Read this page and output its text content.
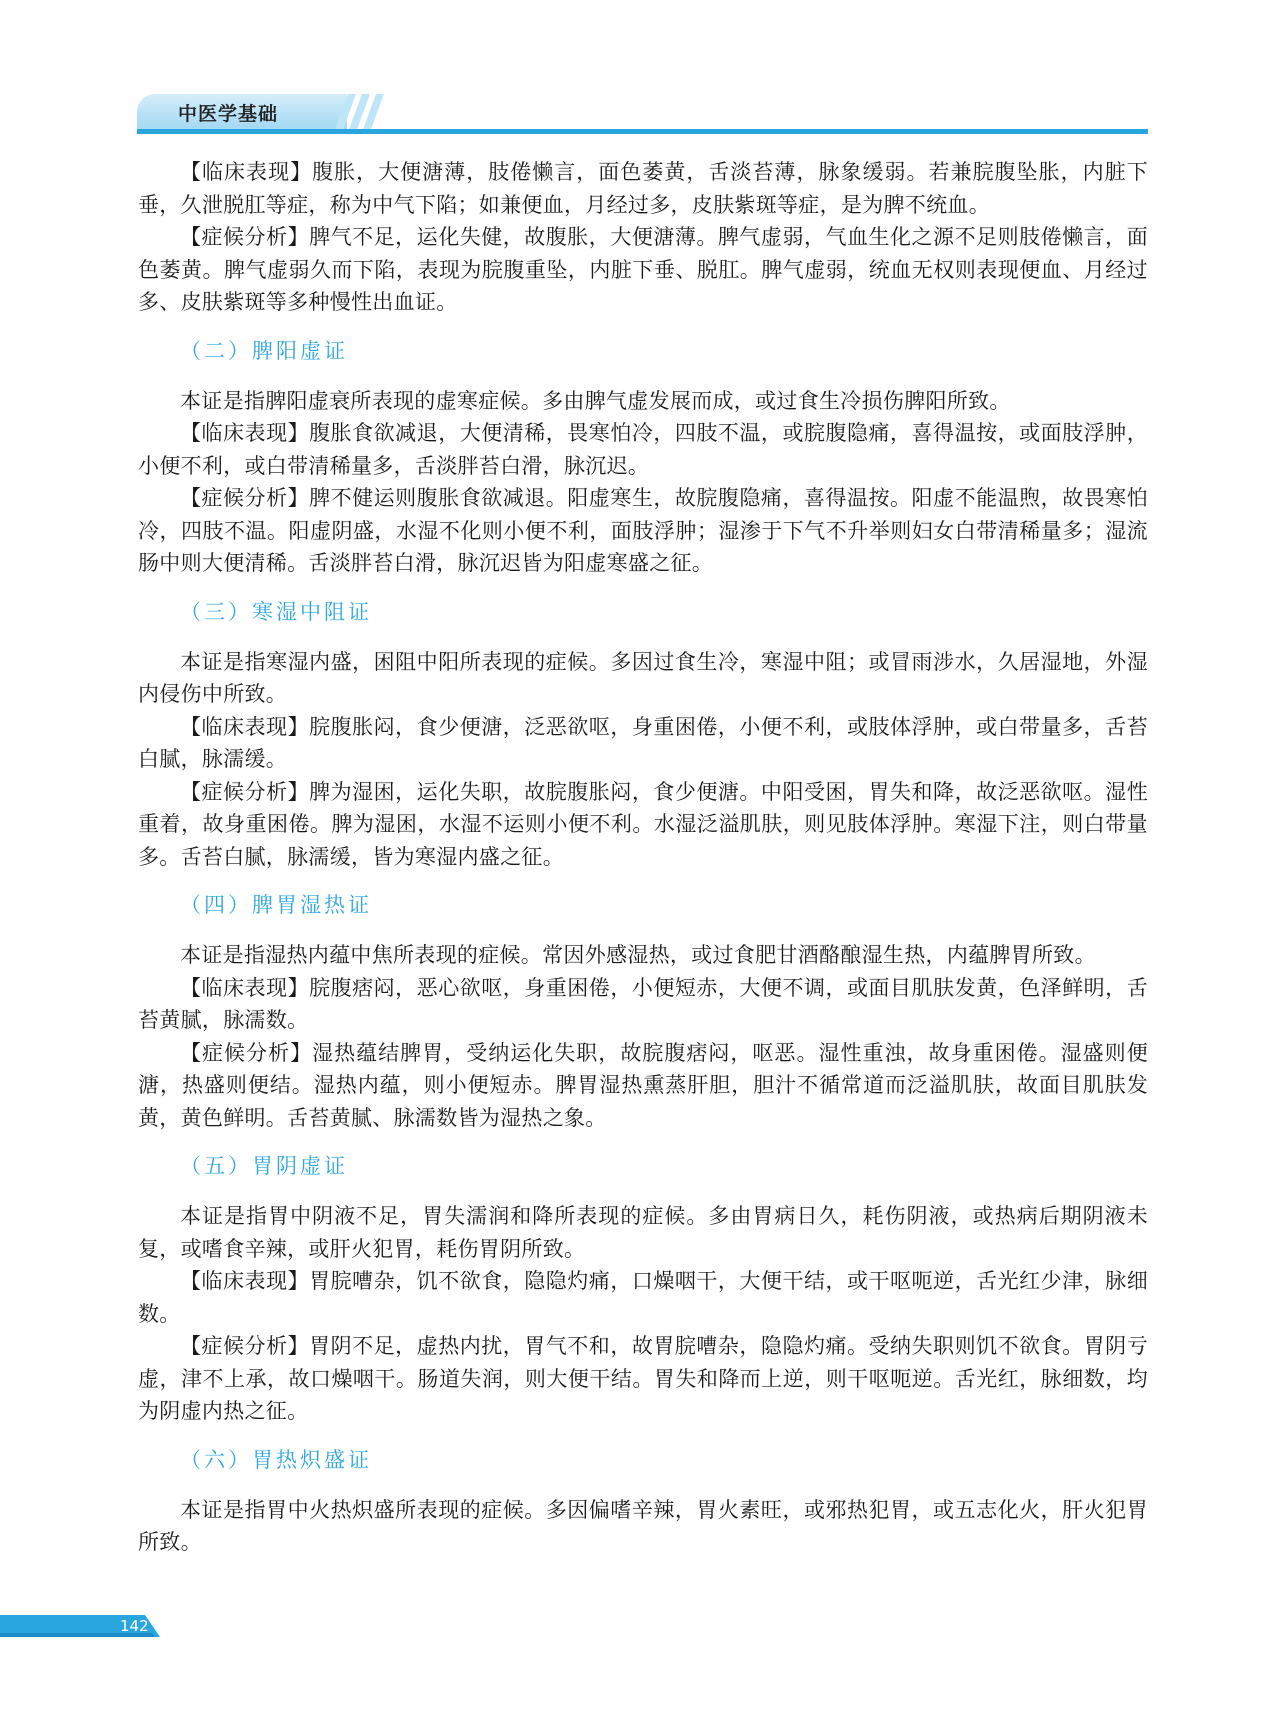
中医学基础

【临床表现】腹胀，大便溏薄，肢倦懒言，面色萎黄，舌淡苔薄，脉象缓弱。若兼脘腹坠胀，内脏下垂，久泄脱肛等症，称为中气下陷；如兼便血，月经过多，皮肤紫斑等症，是为脾不统血。

【症候分析】脾气不足，运化失健，故腹胀，大便溏薄。脾气虚弱，气血生化之源不足则肢倦懒言，面色萎黄。脾气虚弱久而下陷，表现为脘腹重坠，内脏下垂、脱肛。脾气虚弱，统血无权则表现便血、月经过多、皮肤紫斑等多种慢性出血证。

（二）脾阳虚证

本证是指脾阳虚衰所表现的虚寒症候。多由脾气虚发展而成，或过食生冷损伤脾阳所致。

【临床表现】腹胀食欲减退，大便清稀，畏寒怕冷，四肢不温，或脘腹隐痛，喜得温按，或面肢浮肿，小便不利，或白带清稀量多，舌淡胖苔白滑，脉沉迟。

【症候分析】脾不健运则腹胀食欲减退。阳虚寒生，故脘腹隐痛，喜得温按。阳虚不能温煦，故畏寒怕冷，四肢不温。阳虚阴盛，水湿不化则小便不利，面肢浮肿；湿渗于下气不升举则妇女白带清稀量多；湿流肠中则大便清稀。舌淡胖苔白滑，脉沉迟皆为阳虚寒盛之征。

（三）寒湿中阻证

本证是指寒湿内盛，困阻中阳所表现的症候。多因过食生冷，寒湿中阻；或冒雨涉水，久居湿地，外湿内侵伤中所致。

【临床表现】脘腹胀闷，食少便溏，泛恶欲呕，身重困倦，小便不利，或肢体浮肿，或白带量多，舌苔白腻，脉濡缓。

【症候分析】脾为湿困，运化失职，故脘腹胀闷，食少便溏。中阳受困，胃失和降，故泛恶欲呕。湿性重着，故身重困倦。脾为湿困，水湿不运则小便不利。水湿泛溢肌肤，则见肢体浮肿。寒湿下注，则白带量多。舌苔白腻，脉濡缓，皆为寒湿内盛之征。

（四）脾胃湿热证

本证是指湿热内蕴中焦所表现的症候。常因外感湿热，或过食肥甘酒酪酿湿生热，内蕴脾胃所致。

【临床表现】脘腹痞闷，恶心欲呕，身重困倦，小便短赤，大便不调，或面目肌肤发黄，色泽鲜明，舌苔黄腻，脉濡数。

【症候分析】湿热蕴结脾胃，受纳运化失职，故脘腹痞闷，呕恶。湿性重浊，故身重困倦。湿盛则便溏，热盛则便结。湿热内蕴，则小便短赤。脾胃湿热熏蒸肝胆，胆汁不循常道而泛溢肌肤，故面目肌肤发黄，黄色鲜明。舌苔黄腻、脉濡数皆为湿热之象。

（五）胃阴虚证

本证是指胃中阴液不足，胃失濡润和降所表现的症候。多由胃病日久，耗伤阴液，或热病后期阴液未复，或嗜食辛辣，或肝火犯胃，耗伤胃阴所致。

【临床表现】胃脘嘈杂，饥不欲食，隐隐灼痛，口燥咽干，大便干结，或干呕呃逆，舌光红少津，脉细数。

【症候分析】胃阴不足，虚热内扰，胃气不和，故胃脘嘈杂，隐隐灼痛。受纳失职则饥不欲食。胃阴亏虚，津不上承，故口燥咽干。肠道失润，则大便干结。胃失和降而上逆，则干呕呃逆。舌光红，脉细数，均为阴虚内热之征。

（六）胃热炽盛证

本证是指胃中火热炽盛所表现的症候。多因偏嗜辛辣，胃火素旺，或邪热犯胃，或五志化火，肝火犯胃所致。

142
